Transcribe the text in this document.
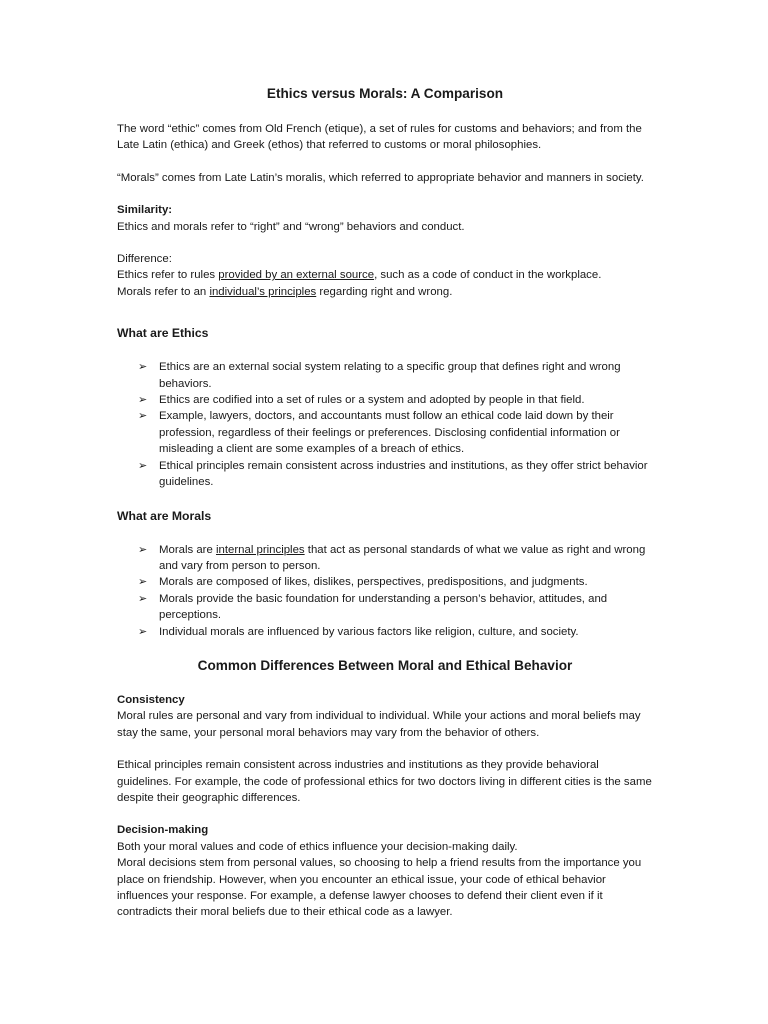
Ethics versus Morals: A Comparison

The word “ethic” comes from Old French (etique), a set of rules for customs and behaviors; and from the Late Latin (ethica) and Greek (ethos) that referred to customs or moral philosophies.

“Morals” comes from Late Latin’s moralis, which referred to appropriate behavior and manners in society.

Similarity:
Ethics and morals refer to “right” and “wrong” behaviors and conduct.

Difference:
Ethics refer to rules provided by an external source, such as a code of conduct in the workplace.
Morals refer to an individual’s principles regarding right and wrong.

What are Ethics
➢ Ethics are an external social system relating to a specific group that defines right and wrong behaviors.
➢ Ethics are codified into a set of rules or a system and adopted by people in that field.
➢ Example, lawyers, doctors, and accountants must follow an ethical code laid down by their profession, regardless of their feelings or preferences. Disclosing confidential information or misleading a client are some examples of a breach of ethics.
➢ Ethical principles remain consistent across industries and institutions, as they offer strict behavior guidelines.
What are Morals
➢ Morals are internal principles that act as personal standards of what we value as right and wrong and vary from person to person.
➢ Morals are composed of likes, dislikes, perspectives, predispositions, and judgments.
➢ Morals provide the basic foundation for understanding a person’s behavior, attitudes, and perceptions.
➢ Individual morals are influenced by various factors like religion, culture, and society.
Common Differences Between Moral and Ethical Behavior

Consistency
Moral rules are personal and vary from individual to individual. While your actions and moral beliefs may stay the same, your personal moral behaviors may vary from the behavior of others.

Ethical principles remain consistent across industries and institutions as they provide behavioral guidelines. For example, the code of professional ethics for two doctors living in different cities is the same despite their geographic differences.

Decision-making
Both your moral values and code of ethics influence your decision-making daily.
Moral decisions stem from personal values, so choosing to help a friend results from the importance you place on friendship. However, when you encounter an ethical issue, your code of ethical behavior influences your response. For example, a defense lawyer chooses to defend their client even if it contradicts their moral beliefs due to their ethical code as a lawyer.
